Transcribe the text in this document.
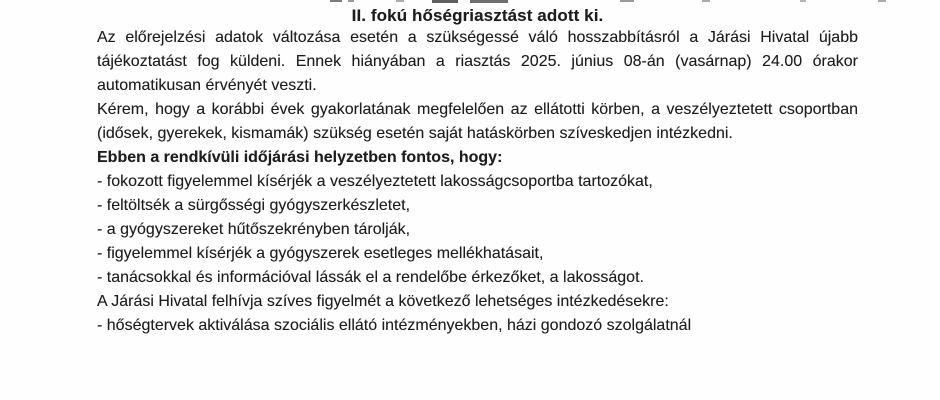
II. fokú hőségriasztást adott ki.

Az előrejelzési adatok változása esetén a szükségessé váló hosszabbításról a Járási Hivatal újabb tájékoztatást fog küldeni. Ennek hiányában a riasztás 2025. június 08-án (vasárnap) 24.00 órakor automatikusan érvényét veszti.

Kérem, hogy a korábbi évek gyakorlatának megfelelően az ellátotti körben, a veszélyeztetett csoportban (idősek, gyerekek, kismamák) szükség esetén saját hatáskörben szíveskedjen intézkedni.

Ebben a rendkívüli időjárási helyzetben fontos, hogy:

- fokozott figyelemmel kísérjék a veszélyeztetett lakosságcsoportba tartozókat,
- feltöltsék a sürgősségi gyógyszerkészletet,
- a gyógyszereket hűtőszekrényben tárolják,
- figyelemmel kísérjék a gyógyszerek esetleges mellékhatásait,
- tanácsokkal és információval lássák el a rendelőbe érkezőket, a lakosságot.

A Járási Hivatal felhívja szíves figyelmét a következő lehetséges intézkedésekre:

- hőségtervek aktiválása szociális ellátó intézményekben, házi gondozó szolgálatnál
